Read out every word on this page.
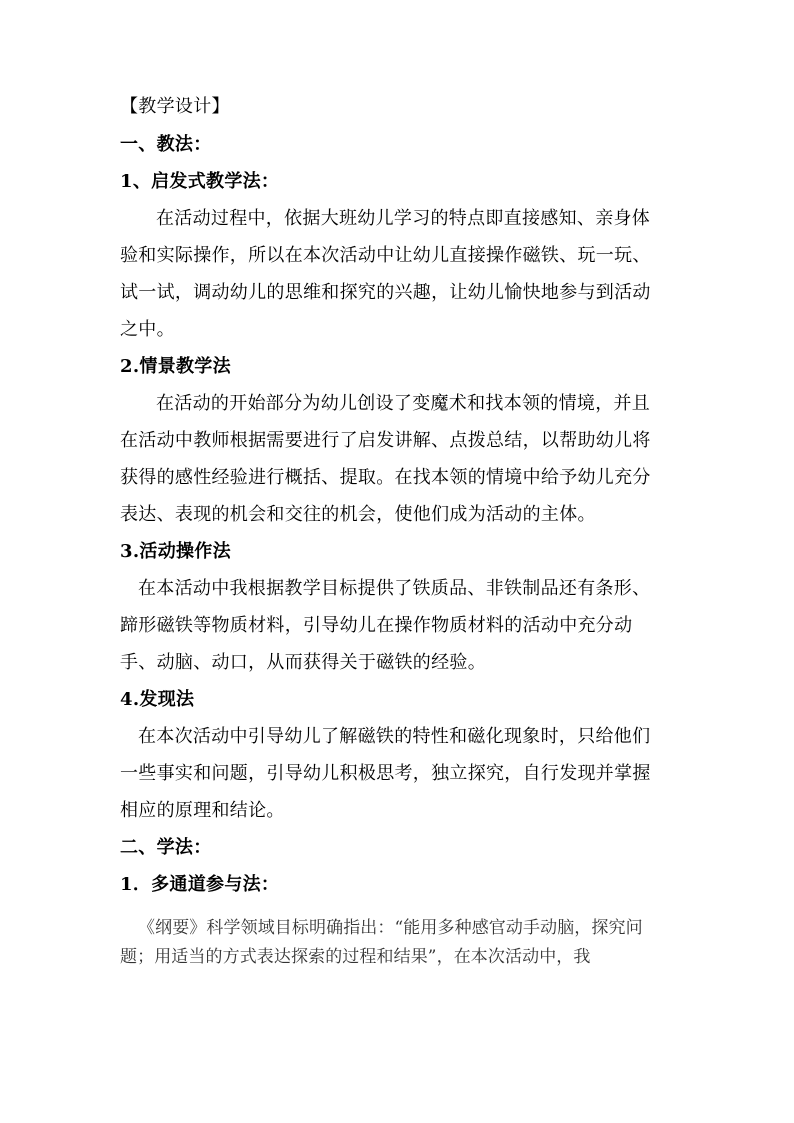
【教学设计】
一、教法：
1、启发式教学法：
在活动过程中，依据大班幼儿学习的特点即直接感知、亲身体
验和实际操作，所以在本次活动中让幼儿直接操作磁铁、玩一玩、
试一试，调动幼儿的思维和探究的兴趣，让幼儿愉快地参与到活动
之中。
2.情景教学法
在活动的开始部分为幼儿创设了变魔术和找本领的情境，并且
在活动中教师根据需要进行了启发讲解、点拨总结，以帮助幼儿将
获得的感性经验进行概括、提取。在找本领的情境中给予幼儿充分
表达、表现的机会和交往的机会，使他们成为活动的主体。
3.活动操作法
在本活动中我根据教学目标提供了铁质品、非铁制品还有条形、
蹄形磁铁等物质材料，引导幼儿在操作物质材料的活动中充分动
手、动脑、动口，从而获得关于磁铁的经验。
4.发现法
在本次活动中引导幼儿了解磁铁的特性和磁化现象时，只给他们
一些事实和问题，引导幼儿积极思考，独立探究，自行发现并掌握
相应的原理和结论。
二、学法：
1．多通道参与法：
《纲要》科学领域目标明确指出：“能用多种感官动手动脑，探究问
题；用适当的方式表达探索的过程和结果”，在本次活动中，我
